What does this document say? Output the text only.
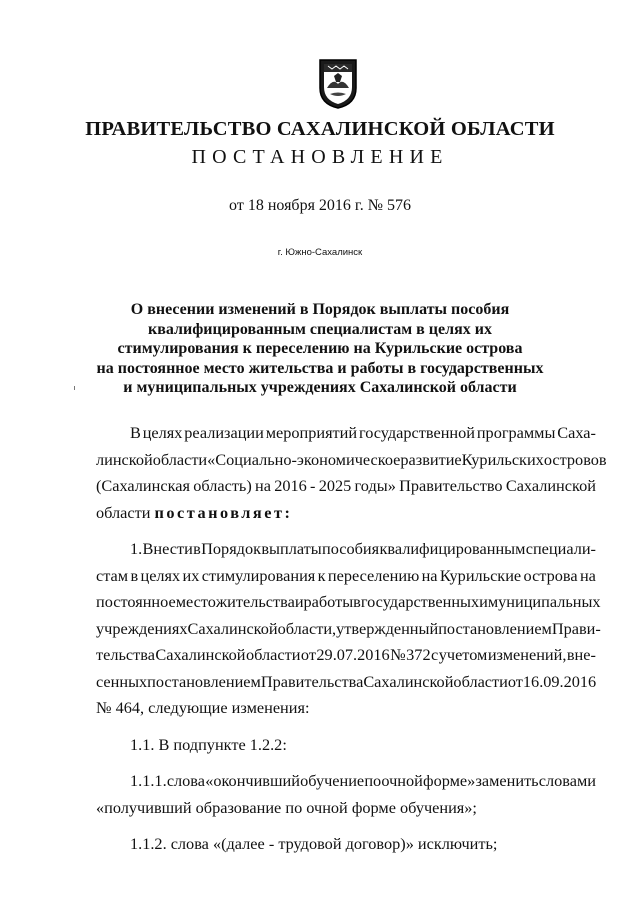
ПРАВИТЕЛЬСТВО САХАЛИНСКОЙ ОБЛАСТИ
ПОСТАНОВЛЕНИЕ
от 18 ноября 2016 г. № 576
г. Южно-Сахалинск
О внесении изменений в Порядок выплаты пособия
квалифицированным специалистам в целях их
стимулирования к переселению на Курильские острова
на постоянное место жительства и работы в государственных
и муниципальных учреждениях Сахалинской области
В целях реализации мероприятий государственной программы Саха-
линской области «Социально-экономическое развитие Курильских островов
(Сахалинская область) на 2016 - 2025 годы» Правительство Сахалинской
области постановляет:
1. Внести в Порядок выплаты пособия квалифицированным специали-
стам в целях их стимулирования к переселению на Курильские острова на
постоянное место жительства и работы в государственных и муниципальных
учреждениях Сахалинской области, утвержденный постановлением Прави-
тельства Сахалинской области от 29.07.2016 № 372 с учетом изменений, вне-
сенных постановлением Правительства Сахалинской области от 16.09.2016
№ 464, следующие изменения:
1.1. В подпункте 1.2.2:
1.1.1. слова «окончивший обучение по очной форме» заменить словами
«получивший образование по очной форме обучения»;
1.1.2. слова «(далее - трудовой договор)» исключить;
